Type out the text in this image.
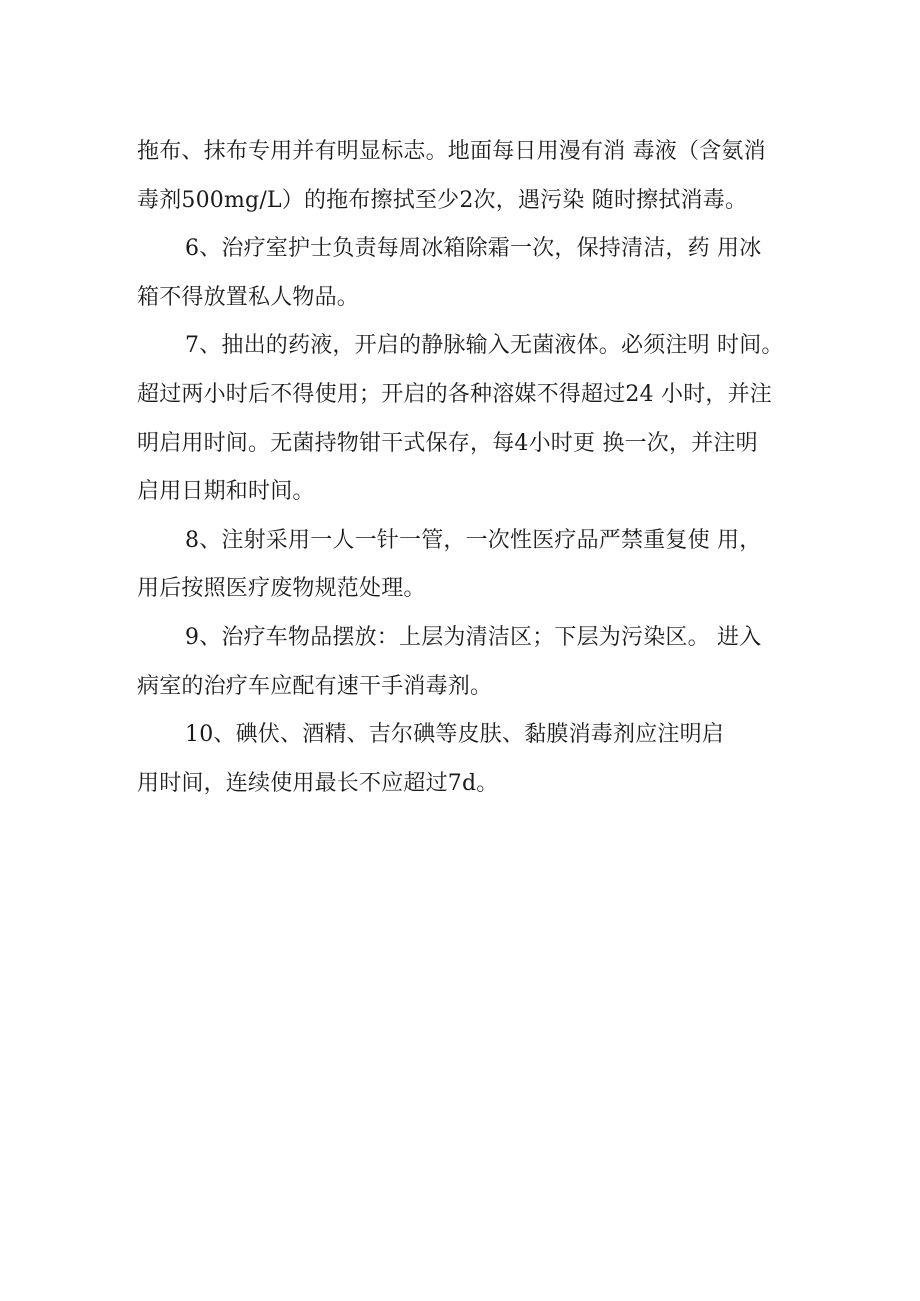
拖布、抹布专用并有明显标志。地面每日用漫有消 毒液（含氨消
毒剂500mg/L）的拖布擦拭至少2次，遇污染 随时擦拭消毒。

6、治疗室护士负责每周冰箱除霜一次，保持清洁，药 用冰
箱不得放置私人物品。

7、抽出的药液，开启的静脉输入无菌液体。必须注明 时间。
超过两小时后不得使用；开启的各种溶媒不得超过24 小时，并注
明启用时间。无菌持物钳干式保存，每4小时更 换一次，并注明
启用日期和时间。

8、注射采用一人一针一管，一次性医疗品严禁重复使 用，
用后按照医疗废物规范处理。

9、治疗车物品摆放：上层为清洁区；下层为污染区。 进入
病室的治疗车应配有速干手消毒剂。

10、碘伏、酒精、吉尔碘等皮肤、黏膜消毒剂应注明启
用时间，连续使用最长不应超过7d。
